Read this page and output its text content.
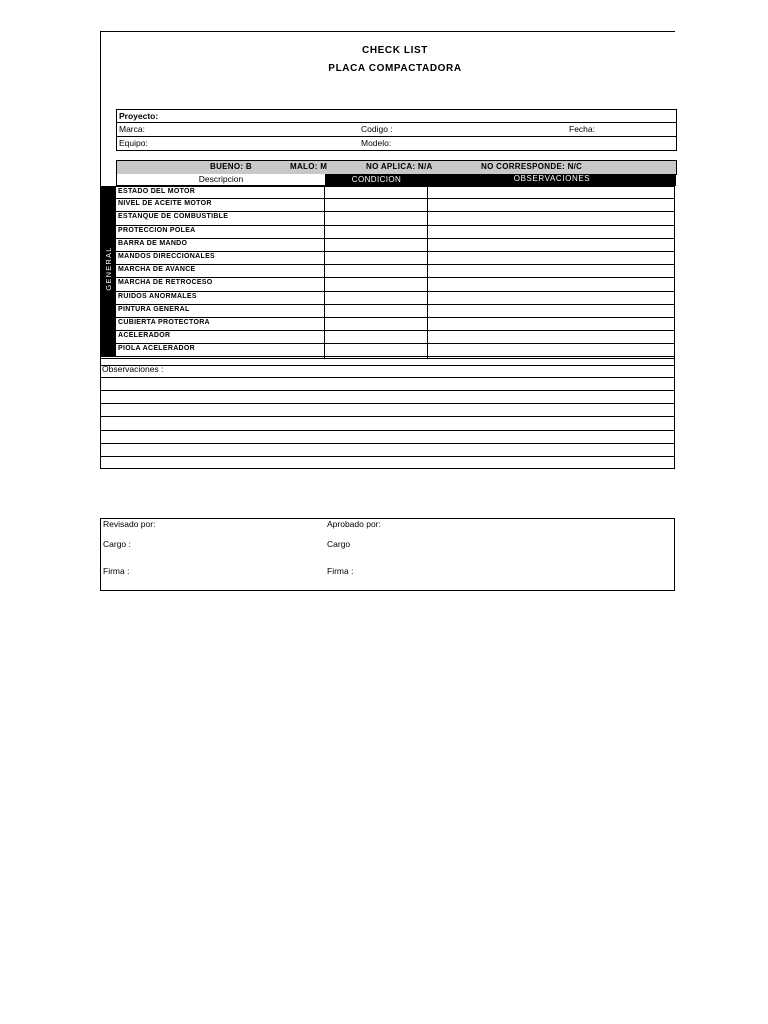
CHECK LIST
PLACA COMPACTADORA
Proyecto:
Marca:	Codigo :	Fecha:
Equipo:	Modelo:
BUENO: B	MALO: M	NO APLICA: N/A	NO CORRESPONDE: N/C
Descripcion	CONDICION	OBSERVACIONES
GENERAL
ESTADO DEL MOTOR
NIVEL DE ACEITE MOTOR
ESTANQUE DE COMBUSTIBLE
PROTECCION POLEA
BARRA DE MANDO
MANDOS DIRECCIONALES
MARCHA DE AVANCE
MARCHA DE RETROCESO
RUIDOS ANORMALES
PINTURA GENERAL
CUBIERTA PROTECTORA
ACELERADOR
PIOLA ACELERADOR
Observaciones :
Revisado por:	Aprobado por:
Cargo :	Cargo
Firma :	Firma :
